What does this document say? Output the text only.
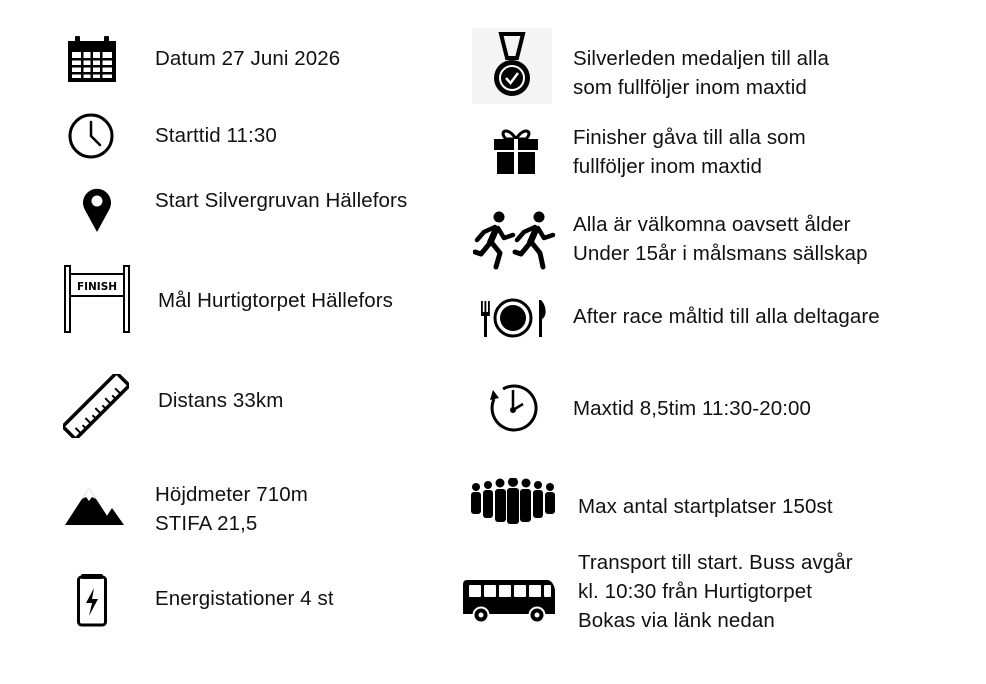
Datum 27 Juni 2026
Starttid 11:30
Start Silvergruvan Hällefors
FINISH
Mål Hurtigtorpet Hällefors
Distans 33km
Höjdmeter 710m
STIFA 21,5
Energistationer 4 st
Silverleden medaljen till alla
som fullföljer inom maxtid
Finisher gåva till alla som
fullföljer inom maxtid
Alla är välkomna oavsett ålder
Under 15år i målsmans sällskap
After race måltid till alla deltagare
Maxtid 8,5tim 11:30-20:00
Max antal startplatser 150st
Transport till start. Buss avgår
kl. 10:30 från Hurtigtorpet
Bokas via länk nedan
